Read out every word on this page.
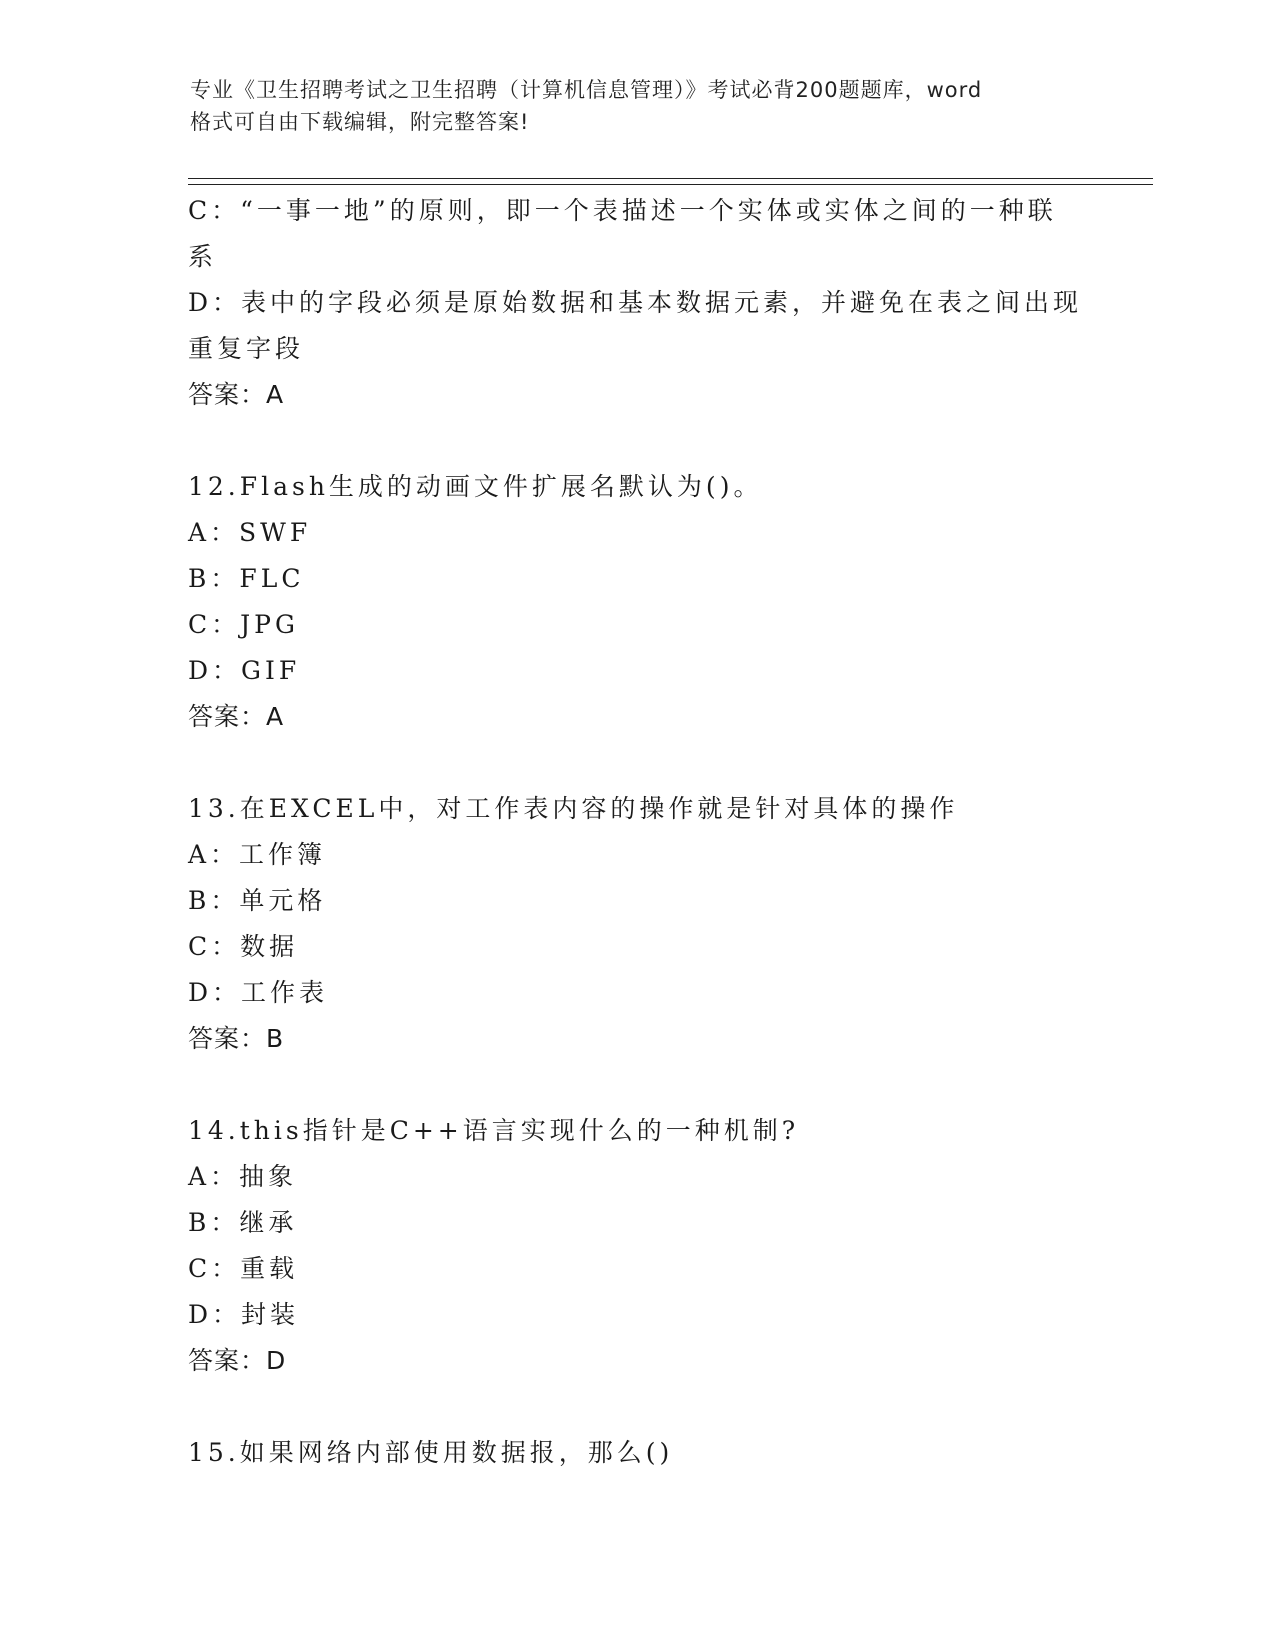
专业《卫生招聘考试之卫生招聘（计算机信息管理）》考试必背200题题库，word
格式可自由下载编辑，附完整答案!
C：“一事一地”的原则，即一个表描述一个实体或实体之间的一种联
系
D：表中的字段必须是原始数据和基本数据元素，并避免在表之间出现
重复字段
答案：A
12.Flash生成的动画文件扩展名默认为()。
A：SWF
B：FLC
C：JPG
D：GIF
答案：A
13.在EXCEL中，对工作表内容的操作就是针对具体的操作
A：工作簿
B：单元格
C：数据
D：工作表
答案：B
14.this指针是C++语言实现什么的一种机制?
A：抽象
B：继承
C：重载
D：封装
答案：D
15.如果网络内部使用数据报，那么()
